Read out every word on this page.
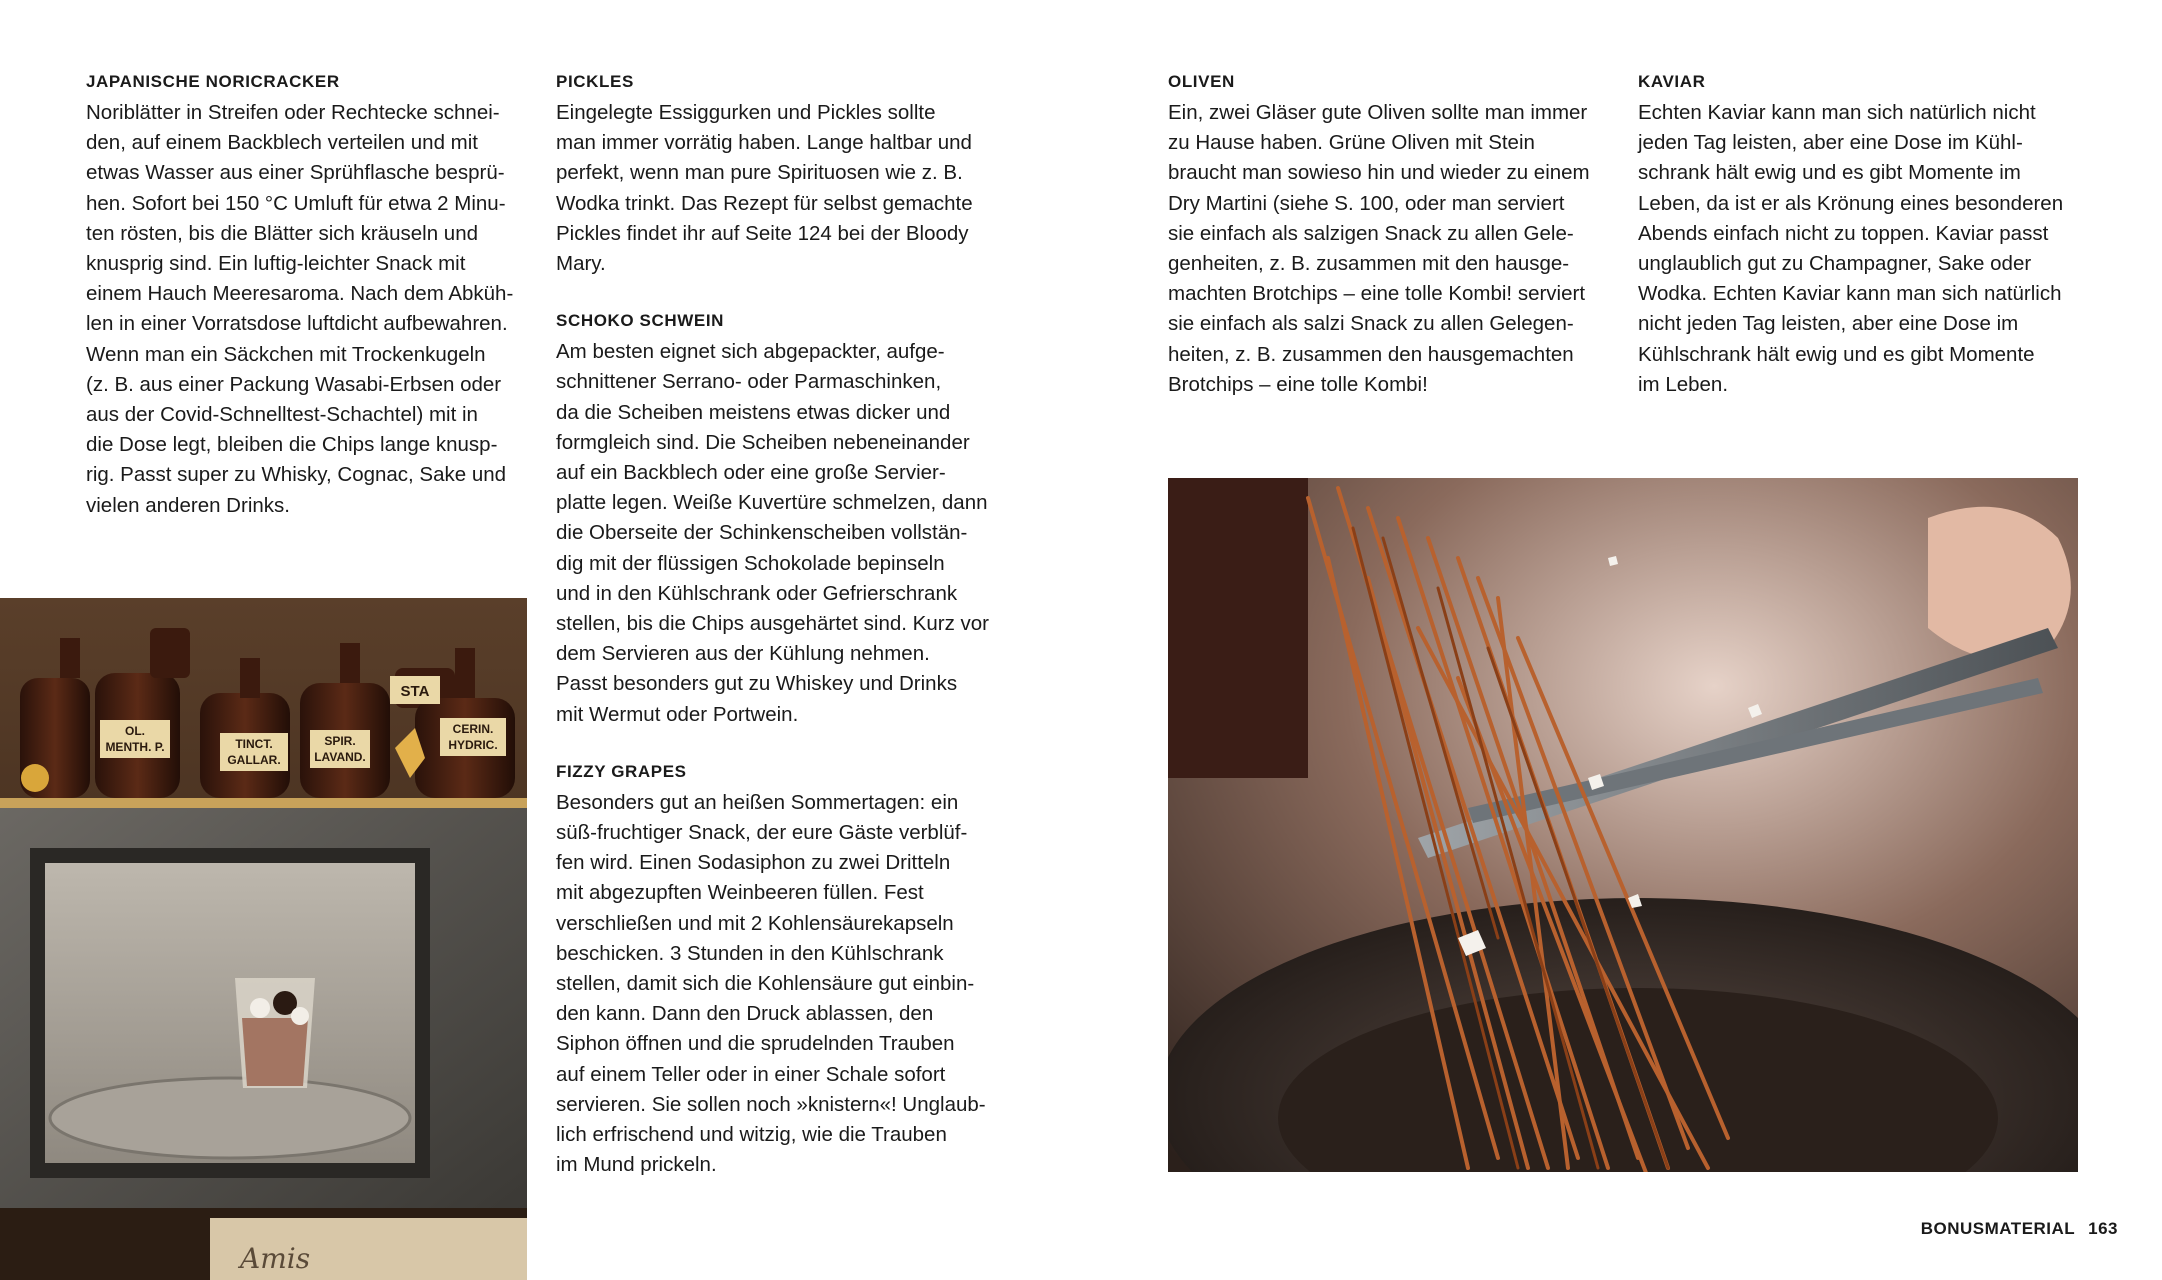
JAPANISCHE NORICRACKER

Noriblätter in Streifen oder Rechtecke schnei-
den, auf einem Backblech verteilen und mit
etwas Wasser aus einer Sprühflasche besprü-
hen. Sofort bei 150 °C Umluft für etwa 2 Minu-
ten rösten, bis die Blätter sich kräuseln und
knusprig sind. Ein luftig-leichter Snack mit
einem Hauch Meeresaroma. Nach dem Abküh-
len in einer Vorratsdose luftdicht aufbewahren.
Wenn man ein Säckchen mit Trockenkugeln
(z. B. aus einer Packung Wasabi-Erbsen oder
aus der Covid-Schnelltest-Schachtel) mit in
die Dose legt, bleiben die Chips lange knusp-
rig. Passt super zu Whisky, Cognac, Sake und
vielen anderen Drinks.

PICKLES

Eingelegte Essiggurken und Pickles sollte
man immer vorrätig haben. Lange haltbar und
perfekt, wenn man pure Spirituosen wie z. B.
Wodka trinkt. Das Rezept für selbst gemachte
Pickles findet ihr auf Seite 124 bei der Bloody
Mary.

SCHOKO SCHWEIN

Am besten eignet sich abgepackter, aufge-
schnittener Serrano- oder Parmaschinken,
da die Scheiben meistens etwas dicker und
formgleich sind. Die Scheiben nebeneinander
auf ein Backblech oder eine große Servier-
platte legen. Weiße Kuvertüre schmelzen, dann
die Oberseite der Schinkenscheiben vollstän-
dig mit der flüssigen Schokolade bepinseln
und in den Kühlschrank oder Gefrierschrank
stellen, bis die Chips ausgehärtet sind. Kurz vor
dem Servieren aus der Kühlung nehmen.
Passt besonders gut zu Whiskey und Drinks
mit Wermut oder Portwein.

FIZZY GRAPES

Besonders gut an heißen Sommertagen: ein
süß-fruchtiger Snack, der eure Gäste verblüf-
fen wird. Einen Sodasiphon zu zwei Dritteln
mit abgezupften Weinbeeren füllen. Fest
verschließen und mit 2 Kohlensäurekapseln
beschicken. 3 Stunden in den Kühlschrank
stellen, damit sich die Kohlensäure gut einbin-
den kann. Dann den Druck ablassen, den
Siphon öffnen und die sprudelnden Trauben
auf einem Teller oder in einer Schale sofort
servieren. Sie sollen noch »knistern«! Unglaub-
lich erfrischend und witzig, wie die Trauben
im Mund prickeln.

OLIVEN

Ein, zwei Gläser gute Oliven sollte man immer
zu Hause haben. Grüne Oliven mit Stein
braucht man sowieso hin und wieder zu einem
Dry Martini (siehe S. 100, oder man serviert
sie einfach als salzigen Snack zu allen Gele-
genheiten, z. B. zusammen mit den hausge-
machten Brotchips – eine tolle Kombi! serviert
sie einfach als salzi Snack zu allen Gelegen-
heiten, z. B. zusammen den hausgemachten
Brotchips – eine tolle Kombi!

KAVIAR

Echten Kaviar kann man sich natürlich nicht
jeden Tag leisten, aber eine Dose im Kühl-
schrank hält ewig und es gibt Momente im
Leben, da ist er als Krönung eines besonderen
Abends einfach nicht zu toppen. Kaviar passt
unglaublich gut zu Champagner, Sake oder
Wodka. Echten Kaviar kann man sich natürlich
nicht jeden Tag leisten, aber eine Dose im
Kühlschrank hält ewig und es gibt Momente
im Leben.

OL.
MENTH. P.	TINCT.
GALLAR.
SPIR.
LAVAND.
CERIN.
HYDRIC.
STA
Amis
BONUSMATERIAL 163
